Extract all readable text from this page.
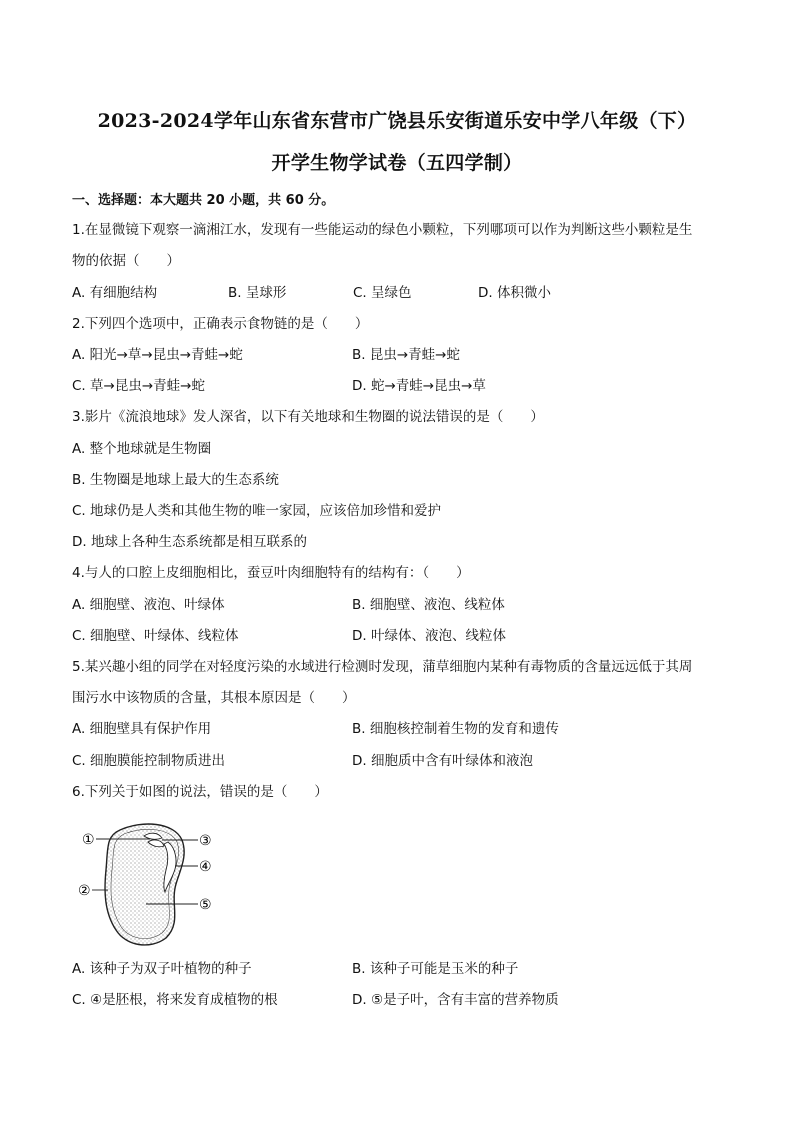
2023-2024学年山东省东营市广饶县乐安街道乐安中学八年级（下）
开学生物学试卷（五四学制）
一、选择题：本大题共 20 小题，共 60 分。
1.在显微镜下观察一滴湘江水，发现有一些能运动的绿色小颗粒，下列哪项可以作为判断这些小颗粒是生
物的依据（　　）
A. 有细胞结构	B. 呈球形	C. 呈绿色	D. 体积微小
2.下列四个选项中，正确表示食物链的是（　　）
A. 阳光→草→昆虫→青蛙→蛇	B. 昆虫→青蛙→蛇
C. 草→昆虫→青蛙→蛇	D. 蛇→青蛙→昆虫→草
3.影片《流浪地球》发人深省，以下有关地球和生物圈的说法错误的是（　　）
A. 整个地球就是生物圈
B. 生物圈是地球上最大的生态系统
C. 地球仍是人类和其他生物的唯一家园，应该倍加珍惜和爱护
D. 地球上各种生态系统都是相互联系的
4.与人的口腔上皮细胞相比，蚕豆叶肉细胞特有的结构有：（　　）
A. 细胞壁、液泡、叶绿体	B. 细胞壁、液泡、线粒体
C. 细胞壁、叶绿体、线粒体	D. 叶绿体、液泡、线粒体
5.某兴趣小组的同学在对轻度污染的水域进行检测时发现，蒲草细胞内某种有毒物质的含量远远低于其周
围污水中该物质的含量，其根本原因是（　　）
A. 细胞壁具有保护作用	B. 细胞核控制着生物的发育和遗传
C. 细胞膜能控制物质进出	D. 细胞质中含有叶绿体和液泡
6.下列关于如图的说法，错误的是（　　）
①
②
③
④
⑤
A. 该种子为双子叶植物的种子	B. 该种子可能是玉米的种子
C. ④是胚根，将来发育成植物的根	D. ⑤是子叶，含有丰富的营养物质
